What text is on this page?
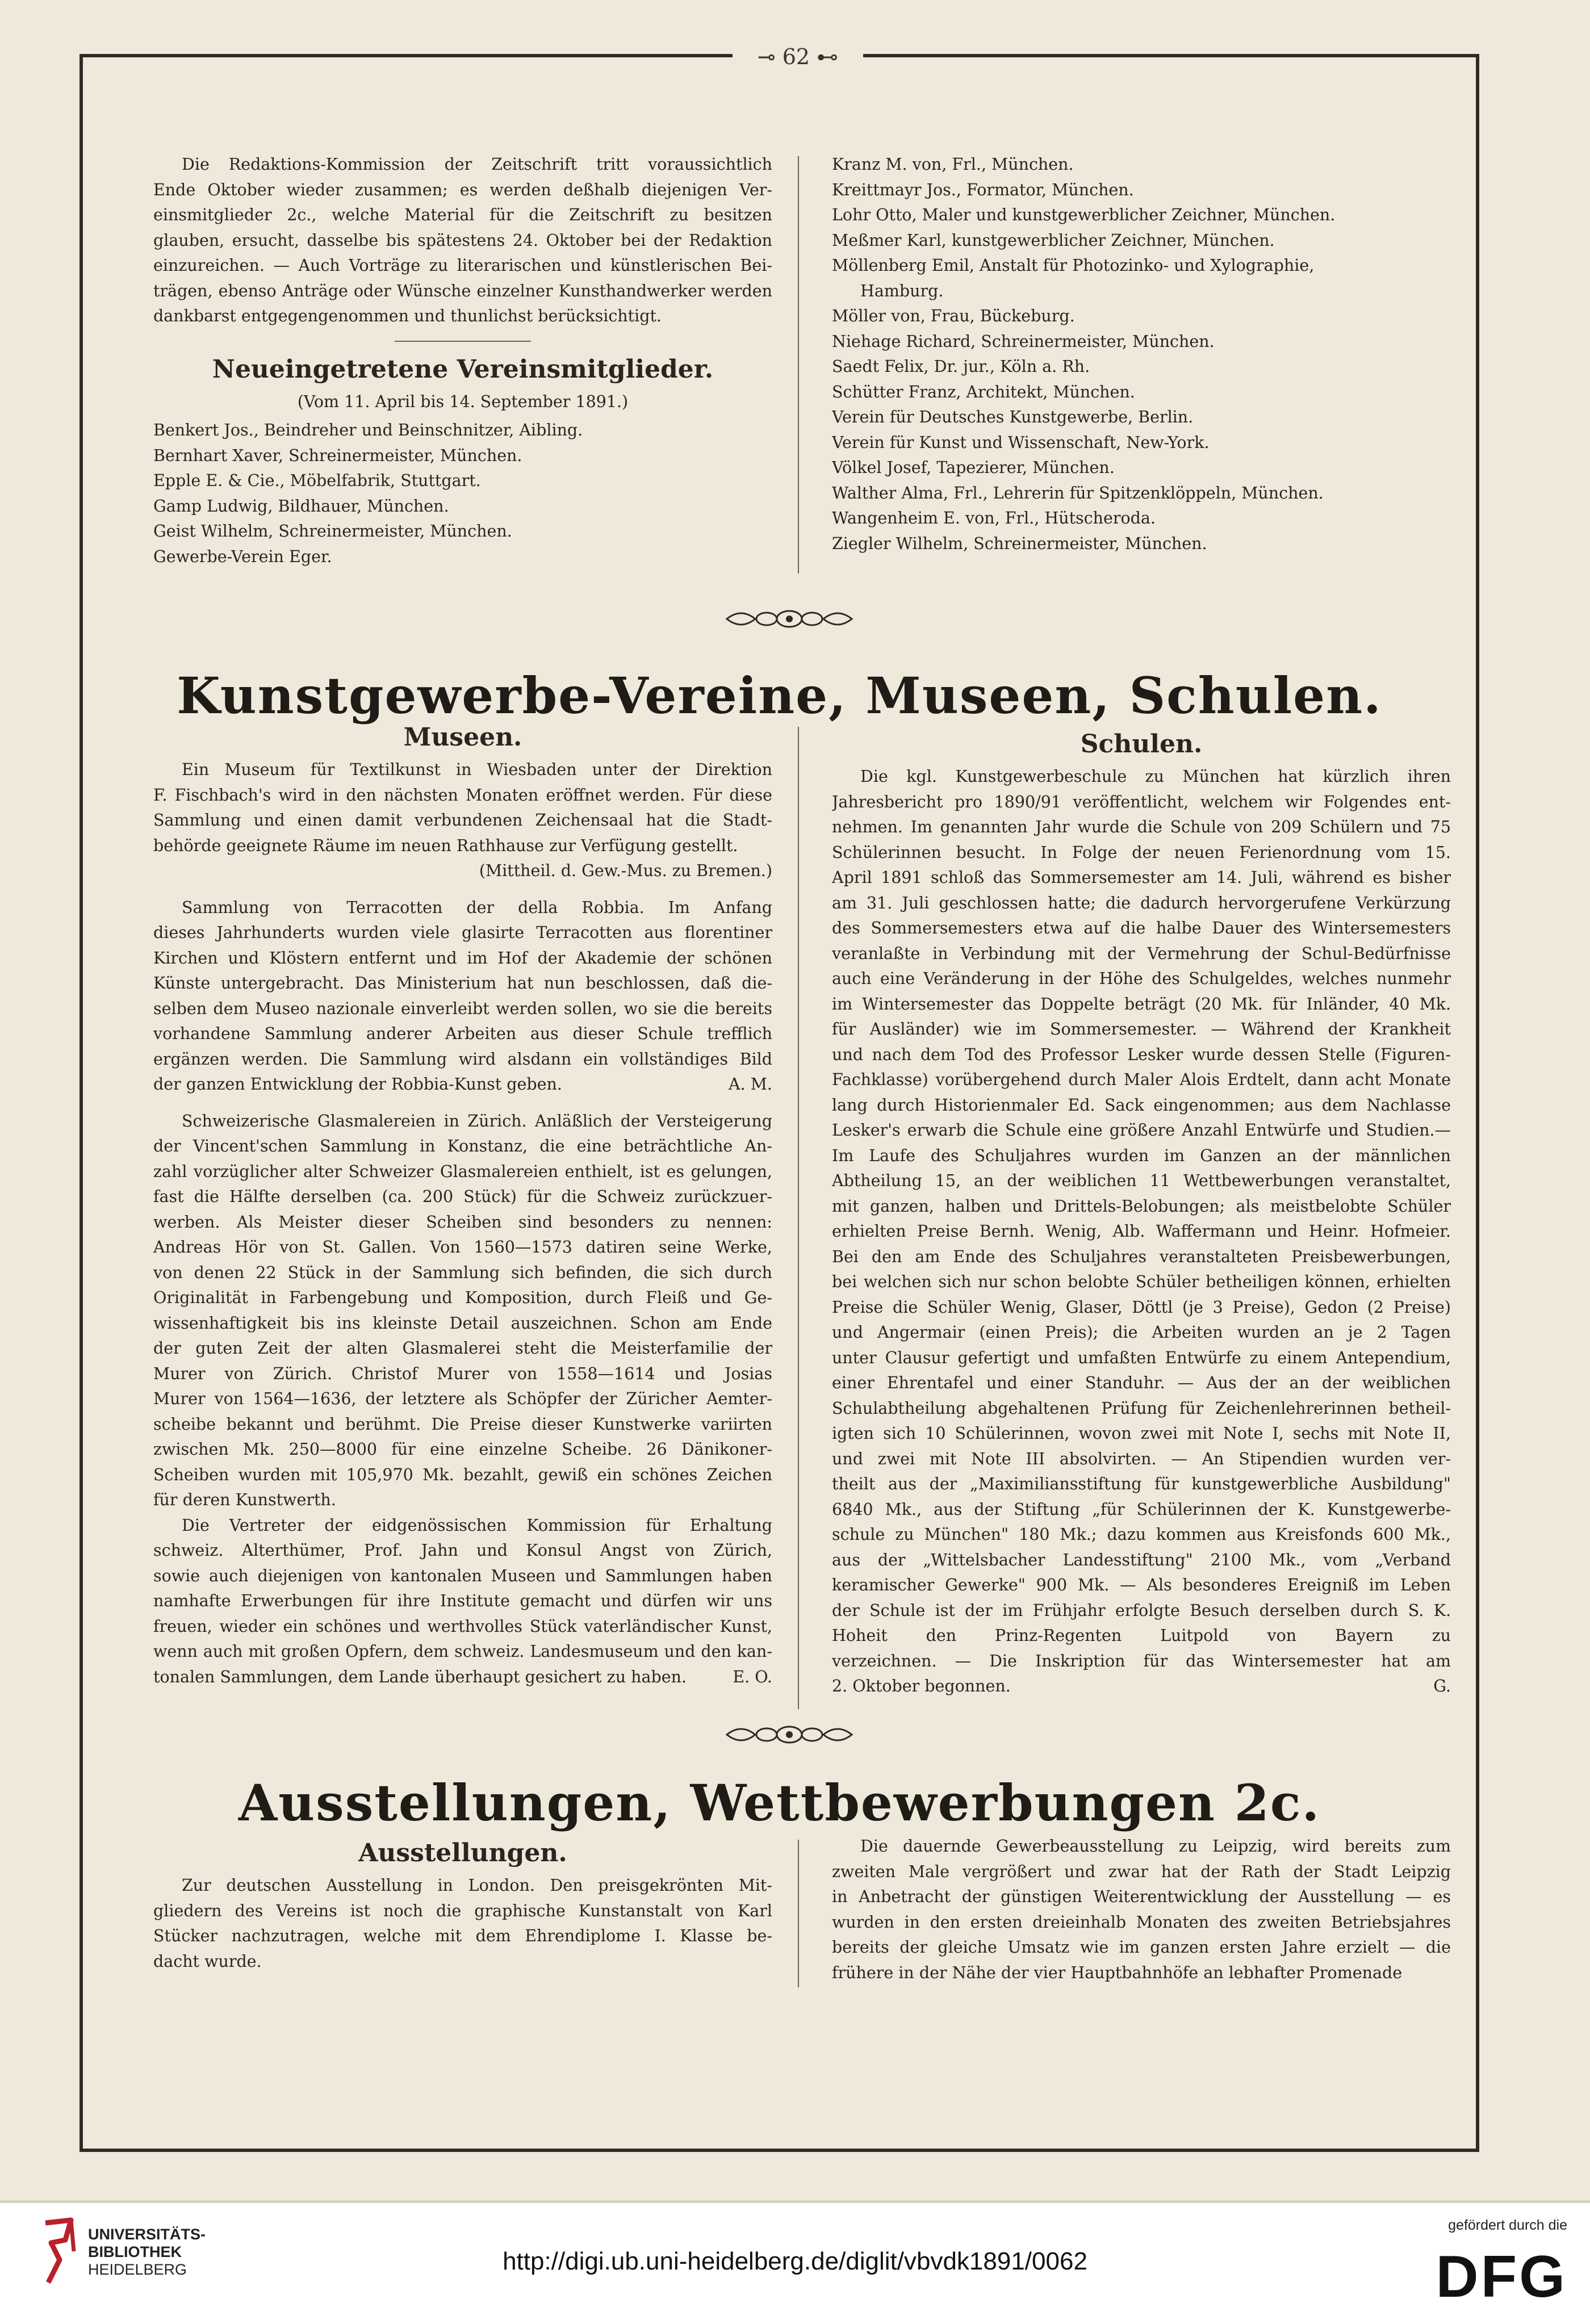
⊸ 62 ⊷
Die Redaktions-Kommission der Zeitschrift tritt voraussichtlich
Ende Oktober wieder zusammen; es werden deßhalb diejenigen Ver-
einsmitglieder 2c., welche Material für die Zeitschrift zu besitzen
glauben, ersucht, dasselbe bis spätestens 24. Oktober bei der Redaktion
einzureichen. — Auch Vorträge zu literarischen und künstlerischen Bei-
trägen, ebenso Anträge oder Wünsche einzelner Kunsthandwerker werden
dankbarst entgegengenommen und thunlichst berücksichtigt.
Neueingetretene Vereinsmitglieder.
(Vom 11. April bis 14. September 1891.)
Benkert Jos., Beindreher und Beinschnitzer, Aibling.
Bernhart Xaver, Schreinermeister, München.
Epple E. & Cie., Möbelfabrik, Stuttgart.
Gamp Ludwig, Bildhauer, München.
Geist Wilhelm, Schreinermeister, München.
Gewerbe-Verein Eger.
Kranz M. von, Frl., München.
Kreittmayr Jos., Formator, München.
Lohr Otto, Maler und kunstgewerblicher Zeichner, München.
Meßmer Karl, kunstgewerblicher Zeichner, München.
Möllenberg Emil, Anstalt für Photozinko- und Xylographie,
Hamburg.
Möller von, Frau, Bückeburg.
Niehage Richard, Schreinermeister, München.
Saedt Felix, Dr. jur., Köln a. Rh.
Schütter Franz, Architekt, München.
Verein für Deutsches Kunstgewerbe, Berlin.
Verein für Kunst und Wissenschaft, New-York.
Völkel Josef, Tapezierer, München.
Walther Alma, Frl., Lehrerin für Spitzenklöppeln, München.
Wangenheim E. von, Frl., Hütscheroda.
Ziegler Wilhelm, Schreinermeister, München.
Kunstgewerbe-Vereine, Museen, Schulen.
Museen.
Ein Museum für Textilkunst in Wiesbaden unter der Direktion
F. Fischbach's wird in den nächsten Monaten eröffnet werden. Für diese
Sammlung und einen damit verbundenen Zeichensaal hat die Stadt-
behörde geeignete Räume im neuen Rathhause zur Verfügung gestellt.
(Mittheil. d. Gew.-Mus. zu Bremen.)
Sammlung von Terracotten der della Robbia. Im Anfang
dieses Jahrhunderts wurden viele glasirte Terracotten aus florentiner
Kirchen und Klöstern entfernt und im Hof der Akademie der schönen
Künste untergebracht. Das Ministerium hat nun beschlossen, daß die-
selben dem Museo nazionale einverleibt werden sollen, wo sie die bereits
vorhandene Sammlung anderer Arbeiten aus dieser Schule trefflich
ergänzen werden. Die Sammlung wird alsdann ein vollständiges Bild
der ganzen Entwicklung der Robbia-Kunst geben.	A. M.
Schweizerische Glasmalereien in Zürich. Anläßlich der Versteigerung
der Vincent'schen Sammlung in Konstanz, die eine beträchtliche An-
zahl vorzüglicher alter Schweizer Glasmalereien enthielt, ist es gelungen,
fast die Hälfte derselben (ca. 200 Stück) für die Schweiz zurückzuer-
werben. Als Meister dieser Scheiben sind besonders zu nennen:
Andreas Hör von St. Gallen. Von 1560—1573 datiren seine Werke,
von denen 22 Stück in der Sammlung sich befinden, die sich durch
Originalität in Farbengebung und Komposition, durch Fleiß und Ge-
wissenhaftigkeit bis ins kleinste Detail auszeichnen. Schon am Ende
der guten Zeit der alten Glasmalerei steht die Meisterfamilie der
Murer von Zürich. Christof Murer von 1558—1614 und Josias
Murer von 1564—1636, der letztere als Schöpfer der Züricher Aemter-
scheibe bekannt und berühmt. Die Preise dieser Kunstwerke variirten
zwischen Mk. 250—8000 für eine einzelne Scheibe. 26 Dänikoner-
Scheiben wurden mit 105,970 Mk. bezahlt, gewiß ein schönes Zeichen
für deren Kunstwerth.
Die Vertreter der eidgenössischen Kommission für Erhaltung
schweiz. Alterthümer, Prof. Jahn und Konsul Angst von Zürich,
sowie auch diejenigen von kantonalen Museen und Sammlungen haben
namhafte Erwerbungen für ihre Institute gemacht und dürfen wir uns
freuen, wieder ein schönes und werthvolles Stück vaterländischer Kunst,
wenn auch mit großen Opfern, dem schweiz. Landesmuseum und den kan-
tonalen Sammlungen, dem Lande überhaupt gesichert zu haben.	E. O.
Schulen.
Die kgl. Kunstgewerbeschule zu München hat kürzlich ihren
Jahresbericht pro 1890/91 veröffentlicht, welchem wir Folgendes ent-
nehmen. Im genannten Jahr wurde die Schule von 209 Schülern und 75
Schülerinnen besucht. In Folge der neuen Ferienordnung vom 15.
April 1891 schloß das Sommersemester am 14. Juli, während es bisher
am 31. Juli geschlossen hatte; die dadurch hervorgerufene Verkürzung
des Sommersemesters etwa auf die halbe Dauer des Wintersemesters
veranlaßte in Verbindung mit der Vermehrung der Schul-Bedürfnisse
auch eine Veränderung in der Höhe des Schulgeldes, welches nunmehr
im Wintersemester das Doppelte beträgt (20 Mk. für Inländer, 40 Mk.
für Ausländer) wie im Sommersemester. — Während der Krankheit
und nach dem Tod des Professor Lesker wurde dessen Stelle (Figuren-
Fachklasse) vorübergehend durch Maler Alois Erdtelt, dann acht Monate
lang durch Historienmaler Ed. Sack eingenommen; aus dem Nachlasse
Lesker's erwarb die Schule eine größere Anzahl Entwürfe und Studien.—
Im Laufe des Schuljahres wurden im Ganzen an der männlichen
Abtheilung 15, an der weiblichen 11 Wettbewerbungen veranstaltet,
mit ganzen, halben und Drittels-Belobungen; als meistbelobte Schüler
erhielten Preise Bernh. Wenig, Alb. Waffermann und Heinr. Hofmeier.
Bei den am Ende des Schuljahres veranstalteten Preisbewerbungen,
bei welchen sich nur schon belobte Schüler betheiligen können, erhielten
Preise die Schüler Wenig, Glaser, Döttl (je 3 Preise), Gedon (2 Preise)
und Angermair (einen Preis); die Arbeiten wurden an je 2 Tagen
unter Clausur gefertigt und umfaßten Entwürfe zu einem Antependium,
einer Ehrentafel und einer Standuhr. — Aus der an der weiblichen
Schulabtheilung abgehaltenen Prüfung für Zeichenlehrerinnen betheil-
igten sich 10 Schülerinnen, wovon zwei mit Note I, sechs mit Note II,
und zwei mit Note III absolvirten. — An Stipendien wurden ver-
theilt aus der „Maximiliansstiftung für kunstgewerbliche Ausbildung"
6840 Mk., aus der Stiftung „für Schülerinnen der K. Kunstgewerbe-
schule zu München" 180 Mk.; dazu kommen aus Kreisfonds 600 Mk.,
aus der „Wittelsbacher Landesstiftung" 2100 Mk., vom „Verband
keramischer Gewerke" 900 Mk. — Als besonderes Ereigniß im Leben
der Schule ist der im Frühjahr erfolgte Besuch derselben durch S. K.
Hoheit den Prinz-Regenten Luitpold von Bayern zu
verzeichnen. — Die Inskription für das Wintersemester hat am
2. Oktober begonnen.	G.
Ausstellungen, Wettbewerbungen 2c.
Ausstellungen.
Zur deutschen Ausstellung in London. Den preisgekrönten Mit-
gliedern des Vereins ist noch die graphische Kunstanstalt von Karl
Stücker nachzutragen, welche mit dem Ehrendiplome I. Klasse be-
dacht wurde.
Die dauernde Gewerbeausstellung zu Leipzig, wird bereits zum
zweiten Male vergrößert und zwar hat der Rath der Stadt Leipzig
in Anbetracht der günstigen Weiterentwicklung der Ausstellung — es
wurden in den ersten dreieinhalb Monaten des zweiten Betriebsjahres
bereits der gleiche Umsatz wie im ganzen ersten Jahre erzielt — die
frühere in der Nähe der vier Hauptbahnhöfe an lebhafter Promenade
UNIVERSITÄTS-
BIBLIOTHEK
HEIDELBERG	http://digi.ub.uni-heidelberg.de/diglit/vbvdk1891/0062
gefördert durch die
DFG
